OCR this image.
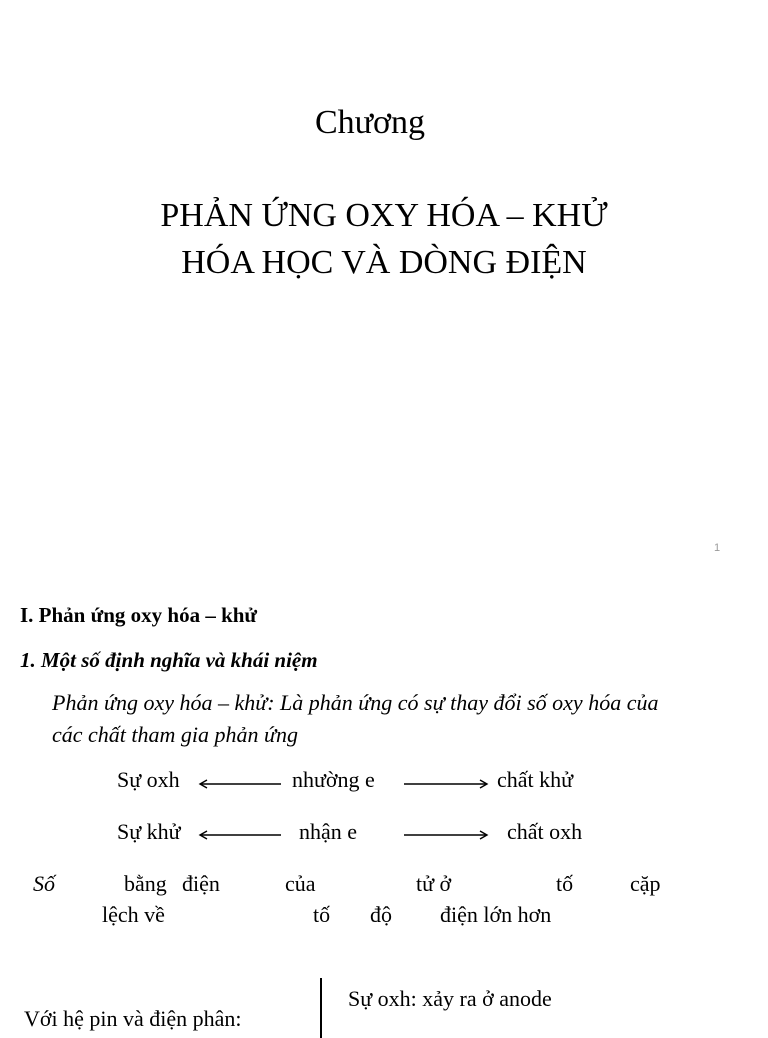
Chương
PHẢN ỨNG OXY HÓA – KHỬ
HÓA HỌC VÀ DÒNG ĐIỆN
1
I. Phản ứng oxy hóa – khử
1. Một số định nghĩa và khái niệm
Phản ứng oxy hóa – khử: Là phản ứng có sự thay đổi số oxy hóa của
các chất tham gia phản ứng
Sự oxh	nhường e	chất khử
Sự khử	nhận e	chất oxh
Số	bằng điện	của	tử ở	tố	cặp
lệch về	tố độ điện lớn hơn
Với hệ pin và điện phân:
Sự oxh: xảy ra ở anode
